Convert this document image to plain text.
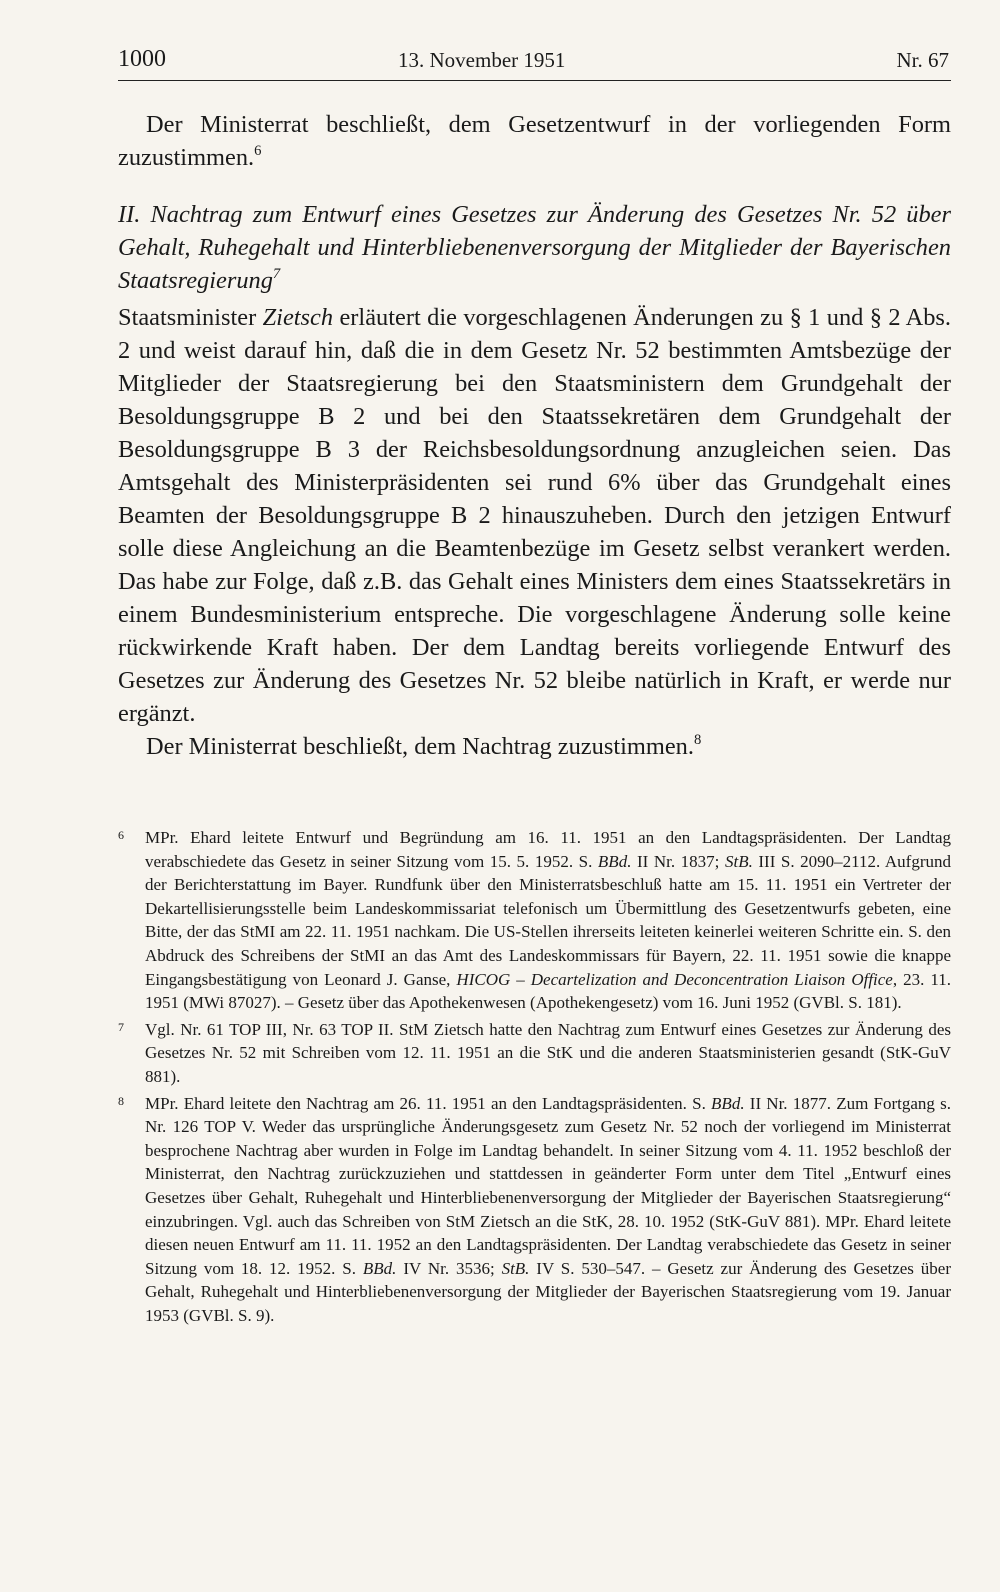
1000	13. November 1951	Nr. 67

Der Ministerrat beschließt, dem Gesetzentwurf in der vorliegenden Form zuzustimmen.$^6$

II. Nachtrag zum Entwurf eines Gesetzes zur Änderung des Gesetzes Nr. 52 über Gehalt, Ruhegehalt und Hinterbliebenenversorgung der Mitglieder der Bayerischen Staatsregierung$^7$

Staatsminister Zietsch erläutert die vorgeschlagenen Änderungen zu § 1 und § 2 Abs. 2 und weist darauf hin, daß die in dem Gesetz Nr. 52 bestimmten Amtsbezüge der Mitglieder der Staatsregierung bei den Staatsministern dem Grundgehalt der Besoldungsgruppe B 2 und bei den Staatssekretären dem Grundgehalt der Besoldungsgruppe B 3 der Reichsbesoldungsordnung anzugleichen seien. Das Amtsgehalt des Ministerpräsidenten sei rund 6% über das Grundgehalt eines Beamten der Besoldungsgruppe B 2 hinauszuheben. Durch den jetzigen Entwurf solle diese Angleichung an die Beamtenbezüge im Gesetz selbst verankert werden. Das habe zur Folge, daß z.B. das Gehalt eines Ministers dem eines Staatssekretärs in einem Bundesministerium entspreche. Die vorgeschlagene Änderung solle keine rückwirkende Kraft haben. Der dem Landtag bereits vorliegende Entwurf des Gesetzes zur Änderung des Gesetzes Nr. 52 bleibe natürlich in Kraft, er werde nur ergänzt.

Der Ministerrat beschließt, dem Nachtrag zuzustimmen.$^8$

6 MPr. Ehard leitete Entwurf und Begründung am 16. 11. 1951 an den Landtagspräsidenten. Der Landtag verabschiedete das Gesetz in seiner Sitzung vom 15. 5. 1952. S. BBd. II Nr. 1837; StB. III S. 2090–2112. Aufgrund der Berichterstattung im Bayer. Rundfunk über den Ministerratsbeschluß hatte am 15. 11. 1951 ein Vertreter der Dekartellisierungsstelle beim Landeskommissariat telefonisch um Übermittlung des Gesetzentwurfs gebeten, eine Bitte, der das StMI am 22. 11. 1951 nachkam. Die US-Stellen ihrerseits leiteten keinerlei weiteren Schritte ein. S. den Abdruck des Schreibens der StMI an das Amt des Landeskommissars für Bayern, 22. 11. 1951 sowie die knappe Eingangsbestätigung von Leonard J. Ganse, HICOG – Decartelization and Deconcentration Liaison Office, 23. 11. 1951 (MWi 87027). – Gesetz über das Apothekenwesen (Apothekengesetz) vom 16. Juni 1952 (GVBl. S. 181).

7 Vgl. Nr. 61 TOP III, Nr. 63 TOP II. StM Zietsch hatte den Nachtrag zum Entwurf eines Gesetzes zur Änderung des Gesetzes Nr. 52 mit Schreiben vom 12. 11. 1951 an die StK und die anderen Staatsministerien gesandt (StK-GuV 881).

8 MPr. Ehard leitete den Nachtrag am 26. 11. 1951 an den Landtagspräsidenten. S. BBd. II Nr. 1877. Zum Fortgang s. Nr. 126 TOP V. Weder das ursprüngliche Änderungsgesetz zum Gesetz Nr. 52 noch der vorliegend im Ministerrat besprochene Nachtrag aber wurden in Folge im Landtag behandelt. In seiner Sitzung vom 4. 11. 1952 beschloß der Ministerrat, den Nachtrag zurückzuziehen und stattdessen in geänderter Form unter dem Titel „Entwurf eines Gesetzes über Gehalt, Ruhegehalt und Hinterbliebenenversorgung der Mitglieder der Bayerischen Staatsregierung“ einzubringen. Vgl. auch das Schreiben von StM Zietsch an die StK, 28. 10. 1952 (StK-GuV 881). MPr. Ehard leitete diesen neuen Entwurf am 11. 11. 1952 an den Landtagspräsidenten. Der Landtag verabschiedete das Gesetz in seiner Sitzung vom 18. 12. 1952. S. BBd. IV Nr. 3536; StB. IV S. 530–547. – Gesetz zur Änderung des Gesetzes über Gehalt, Ruhegehalt und Hinterbliebenenversorgung der Mitglieder der Bayerischen Staatsregierung vom 19. Januar 1953 (GVBl. S. 9).
